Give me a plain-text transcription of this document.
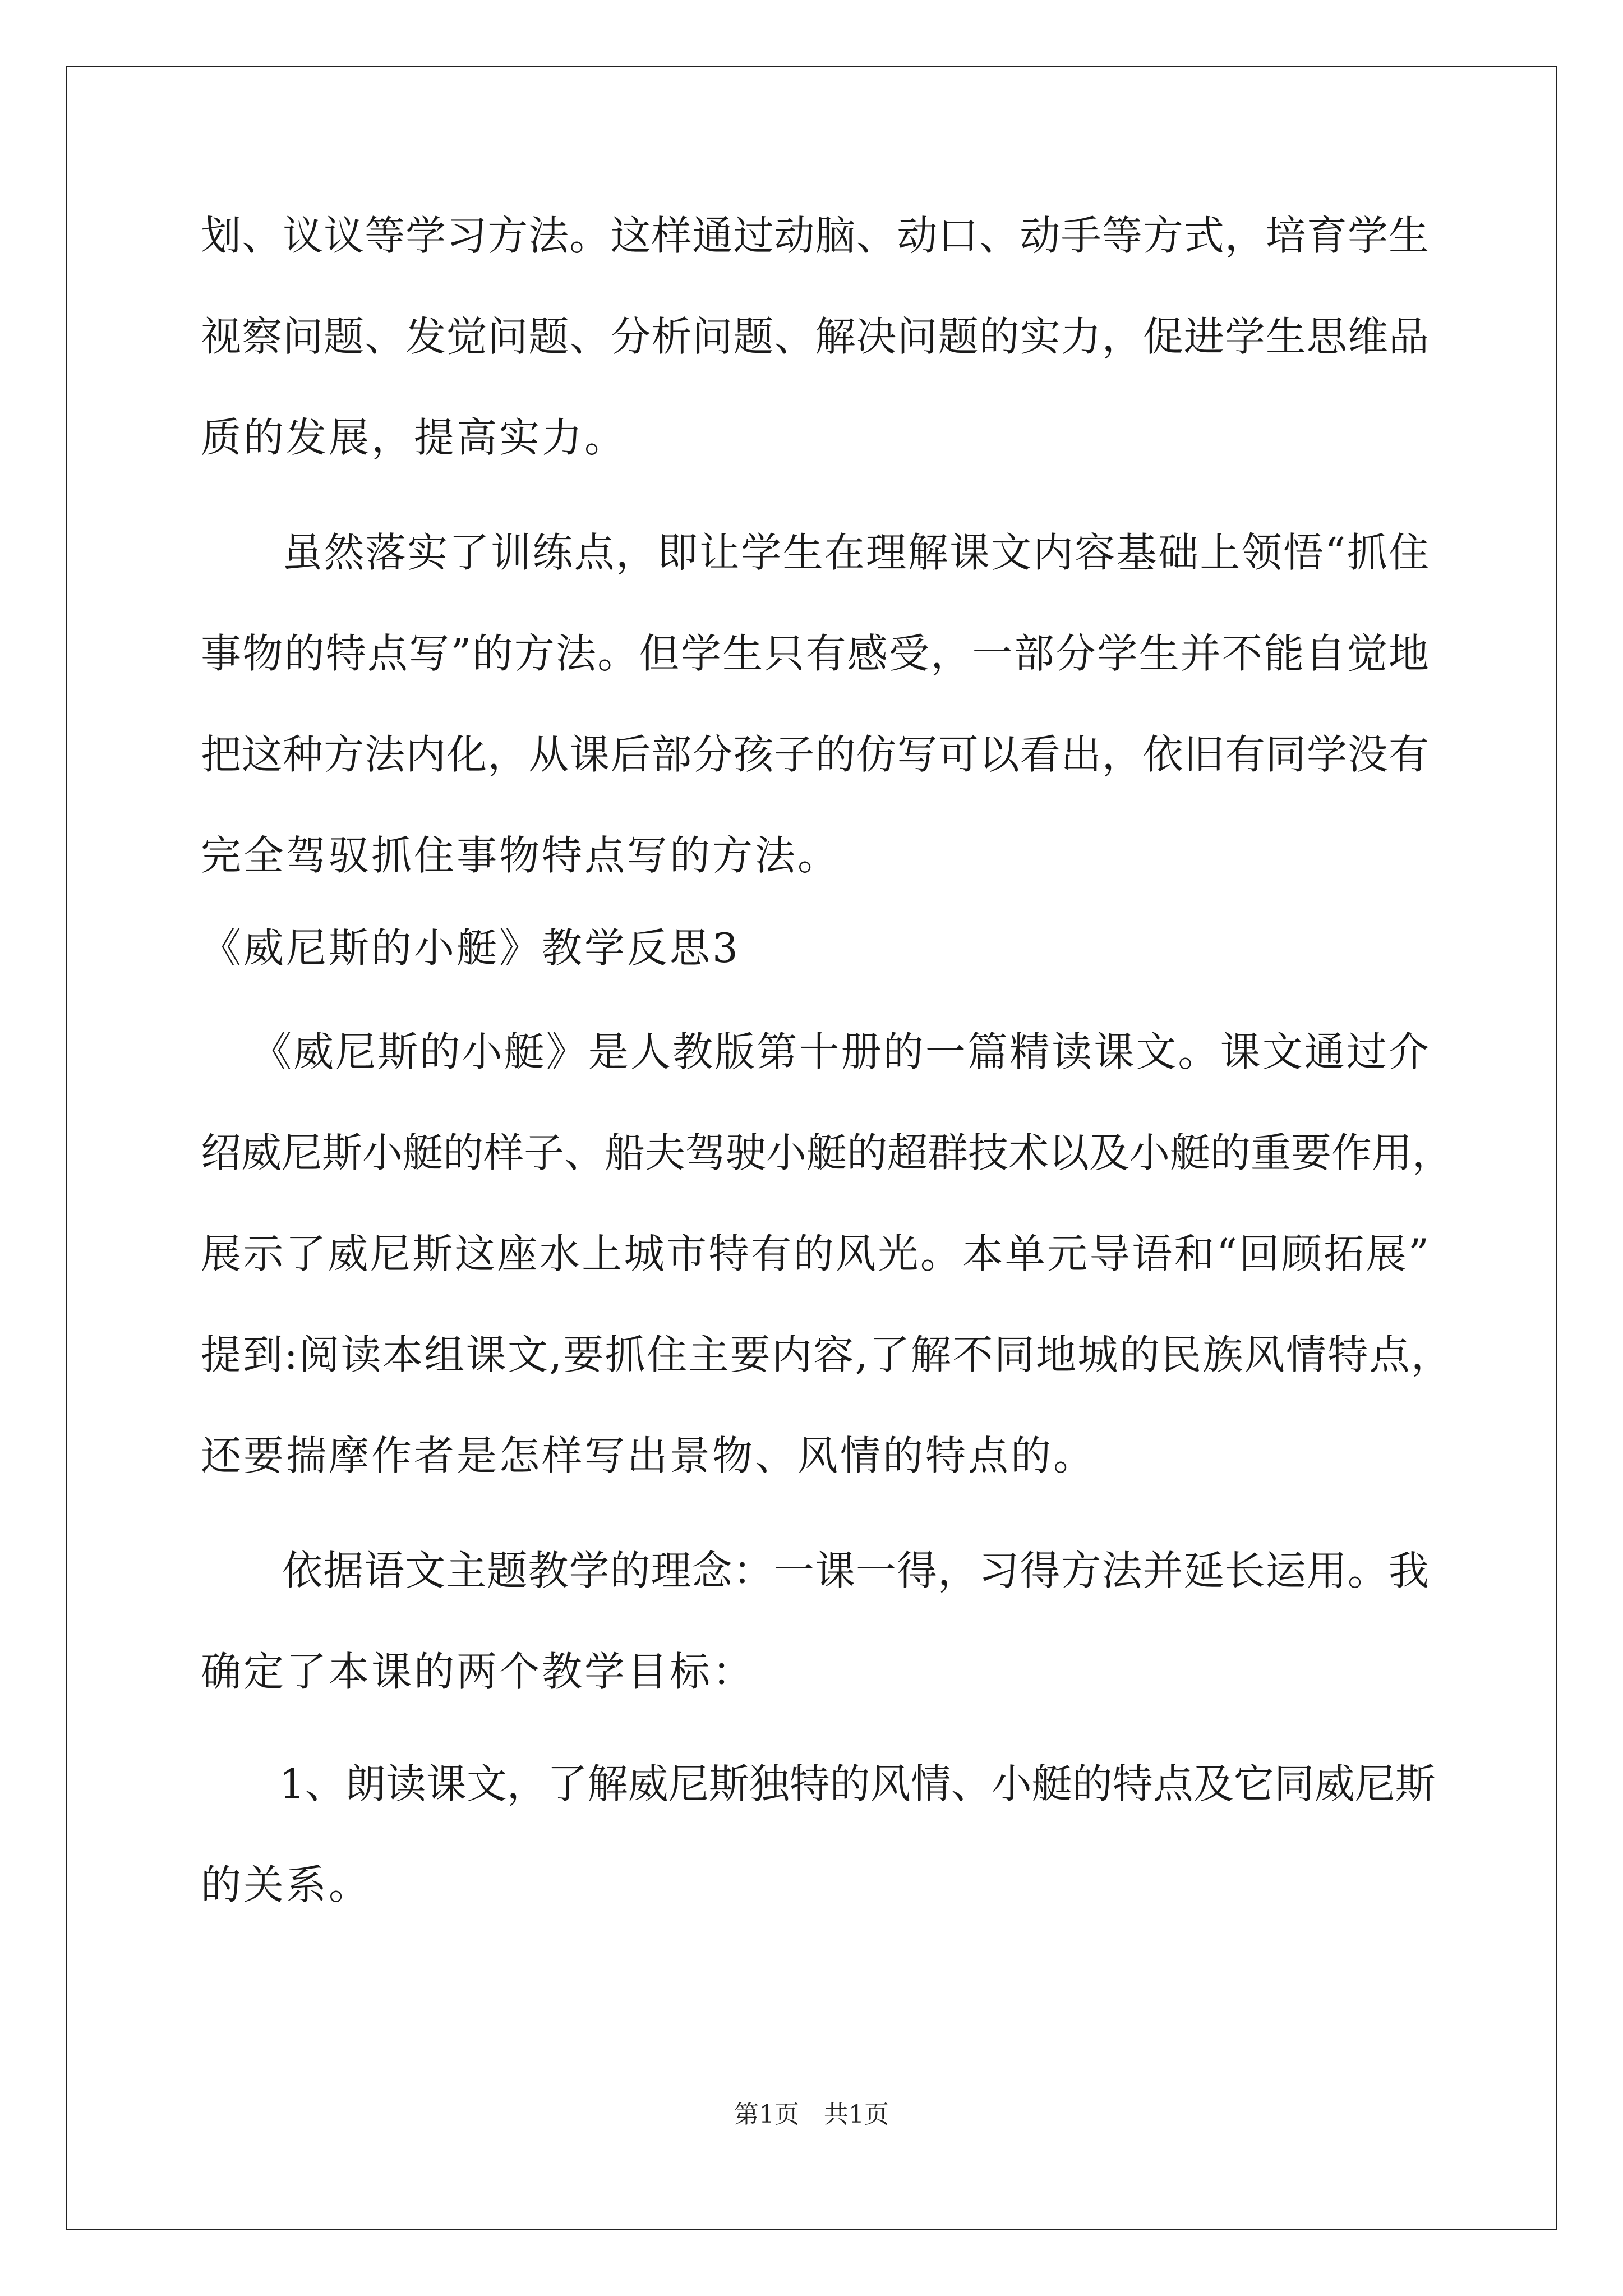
划、议议等学习方法。这样通过动脑、动口、动手等方式，培育学生
视察问题、发觉问题、分析问题、解决问题的实力，促进学生思维品
质的发展，提高实力。
虽然落实了训练点，即让学生在理解课文内容基础上领悟“抓住
事物的特点写”的方法。但学生只有感受，一部分学生并不能自觉地
把这种方法内化，从课后部分孩子的仿写可以看出，依旧有同学没有
完全驾驭抓住事物特点写的方法。
《威尼斯的小艇》教学反思3
《威尼斯的小艇》是人教版第十册的一篇精读课文。课文通过介
绍威尼斯小艇的样子、船夫驾驶小艇的超群技术以及小艇的重要作用，
展示了威尼斯这座水上城市特有的风光。本单元导语和“回顾拓展”
提到:阅读本组课文,要抓住主要内容,了解不同地城的民族风情特点，
还要揣摩作者是怎样写出景物、风情的特点的。
依据语文主题教学的理念：一课一得，习得方法并延长运用。我
确定了本课的两个教学目标：
1、朗读课文，了解威尼斯独特的风情、小艇的特点及它同威尼斯
的关系。
第1页　共1页
